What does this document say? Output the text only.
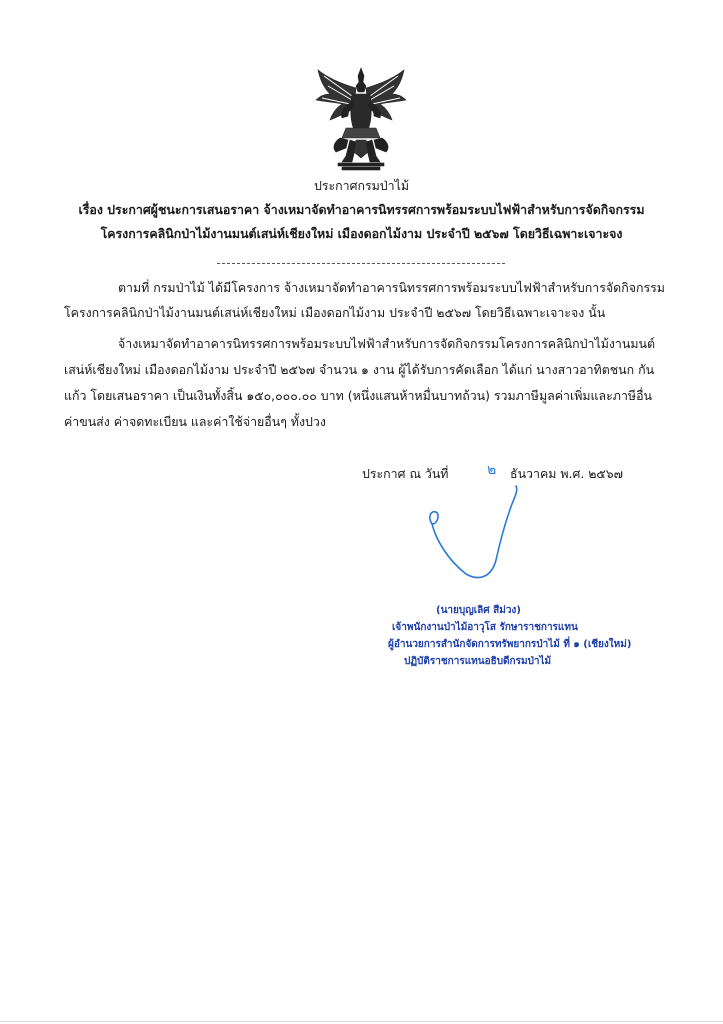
ประกาศกรมป่าไม้
เรื่อง ประกาศผู้ชนะการเสนอราคา จ้างเหมาจัดทำอาคารนิทรรศการพร้อมระบบไฟฟ้าสำหรับการจัดกิจกรรม
โครงการคลินิกป่าไม้งานมนต์เสน่ห์เชียงใหม่ เมืองดอกไม้งาม ประจำปี ๒๕๖๗ โดยวิธีเฉพาะเจาะจง
ตามที่ กรมป่าไม้ ได้มีโครงการ จ้างเหมาจัดทำอาคารนิทรรศการพร้อมระบบไฟฟ้าสำหรับการจัดกิจกรรม
โครงการคลินิกป่าไม้งานมนต์เสน่ห์เชียงใหม่ เมืองดอกไม้งาม ประจำปี ๒๕๖๗ โดยวิธีเฉพาะเจาะจง นั้น
จ้างเหมาจัดทำอาคารนิทรรศการพร้อมระบบไฟฟ้าสำหรับการจัดกิจกรรมโครงการคลินิกป่าไม้งานมนต์
เสน่ห์เชียงใหม่ เมืองดอกไม้งาม ประจำปี ๒๕๖๗ จำนวน ๑ งาน ผู้ได้รับการคัดเลือก ได้แก่ นางสาวอาทิตชนก กัน
แก้ว โดยเสนอราคา เป็นเงินทั้งสิ้น ๑๕๐,๐๐๐.๐๐ บาท (หนึ่งแสนห้าหมื่นบาทถ้วน) รวมภาษีมูลค่าเพิ่มและภาษีอื่น
ค่าขนส่ง ค่าจดทะเบียน และค่าใช้จ่ายอื่นๆ ทั้งปวง
ประกาศ ณ วันที่	๒ ธันวาคม พ.ศ. ๒๕๖๗
(นายบุญเลิศ สีม่วง)
เจ้าพนักงานป่าไม้อาวุโส รักษาราชการแทน
ผู้อำนวยการสำนักจัดการทรัพยากรป่าไม้ ที่ ๑ (เชียงใหม่)
ปฏิบัติราชการแทนอธิบดีกรมป่าไม้
